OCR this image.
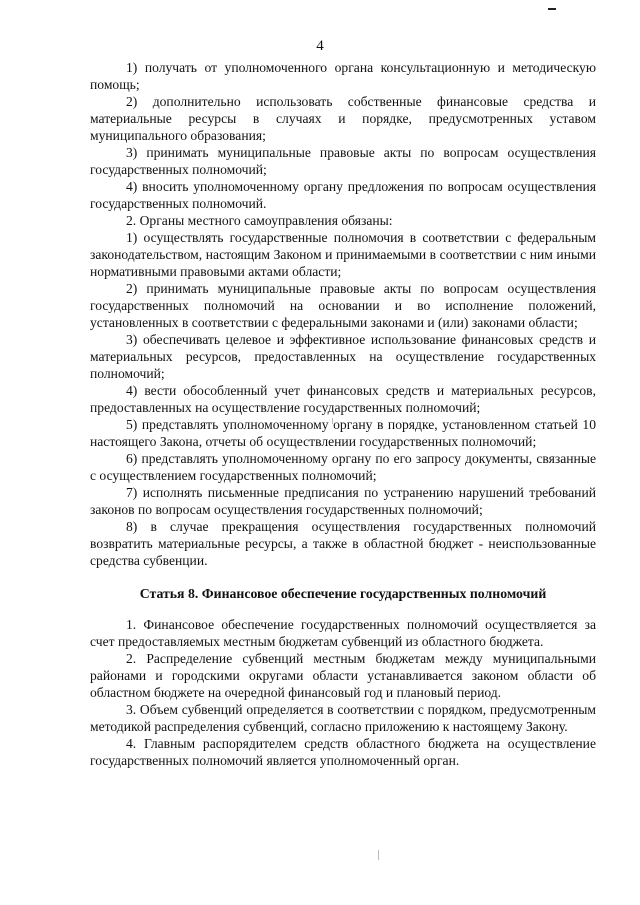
4

1) получать от уполномоченного органа консультационную и методическую помощь;

2) дополнительно использовать собственные финансовые средства и материальные ресурсы в случаях и порядке, предусмотренных уставом муниципального образования;

3) принимать муниципальные правовые акты по вопросам осуществления государственных полномочий;

4) вносить уполномоченному органу предложения по вопросам осуществления государственных полномочий.

2. Органы местного самоуправления обязаны:

1) осуществлять государственные полномочия в соответствии с федеральным законодательством, настоящим Законом и принимаемыми в соответствии с ним иными нормативными правовыми актами области;

2) принимать муниципальные правовые акты по вопросам осуществления государственных полномочий на основании и во исполнение положений, установленных в соответствии с федеральными законами и (или) законами области;

3) обеспечивать целевое и эффективное использование финансовых средств и материальных ресурсов, предоставленных на осуществление государственных полномочий;

4) вести обособленный учет финансовых средств и материальных ресурсов, предоставленных на осуществление государственных полномочий;

5) представлять уполномоченному органу в порядке, установленном статьей 10 настоящего Закона, отчеты об осуществлении государственных полномочий;

6) представлять уполномоченному органу по его запросу документы, связанные с осуществлением государственных полномочий;

7) исполнять письменные предписания по устранению нарушений требований законов по вопросам осуществления государственных полномочий;

8) в случае прекращения осуществления государственных полномочий возвратить материальные ресурсы, а также в областной бюджет - неиспользованные средства субвенции.

Статья 8. Финансовое обеспечение государственных полномочий

1. Финансовое обеспечение государственных полномочий осуществляется за счет предоставляемых местным бюджетам субвенций из областного бюджета.

2. Распределение субвенций местным бюджетам между муниципальными районами и городскими округами области устанавливается законом области об областном бюджете на очередной финансовый год и плановый период.

3. Объем субвенций определяется в соответствии с порядком, предусмотренным методикой распределения субвенций, согласно приложению к настоящему Закону.

4. Главным распорядителем средств областного бюджета на осуществление государственных полномочий является уполномоченный орган.
